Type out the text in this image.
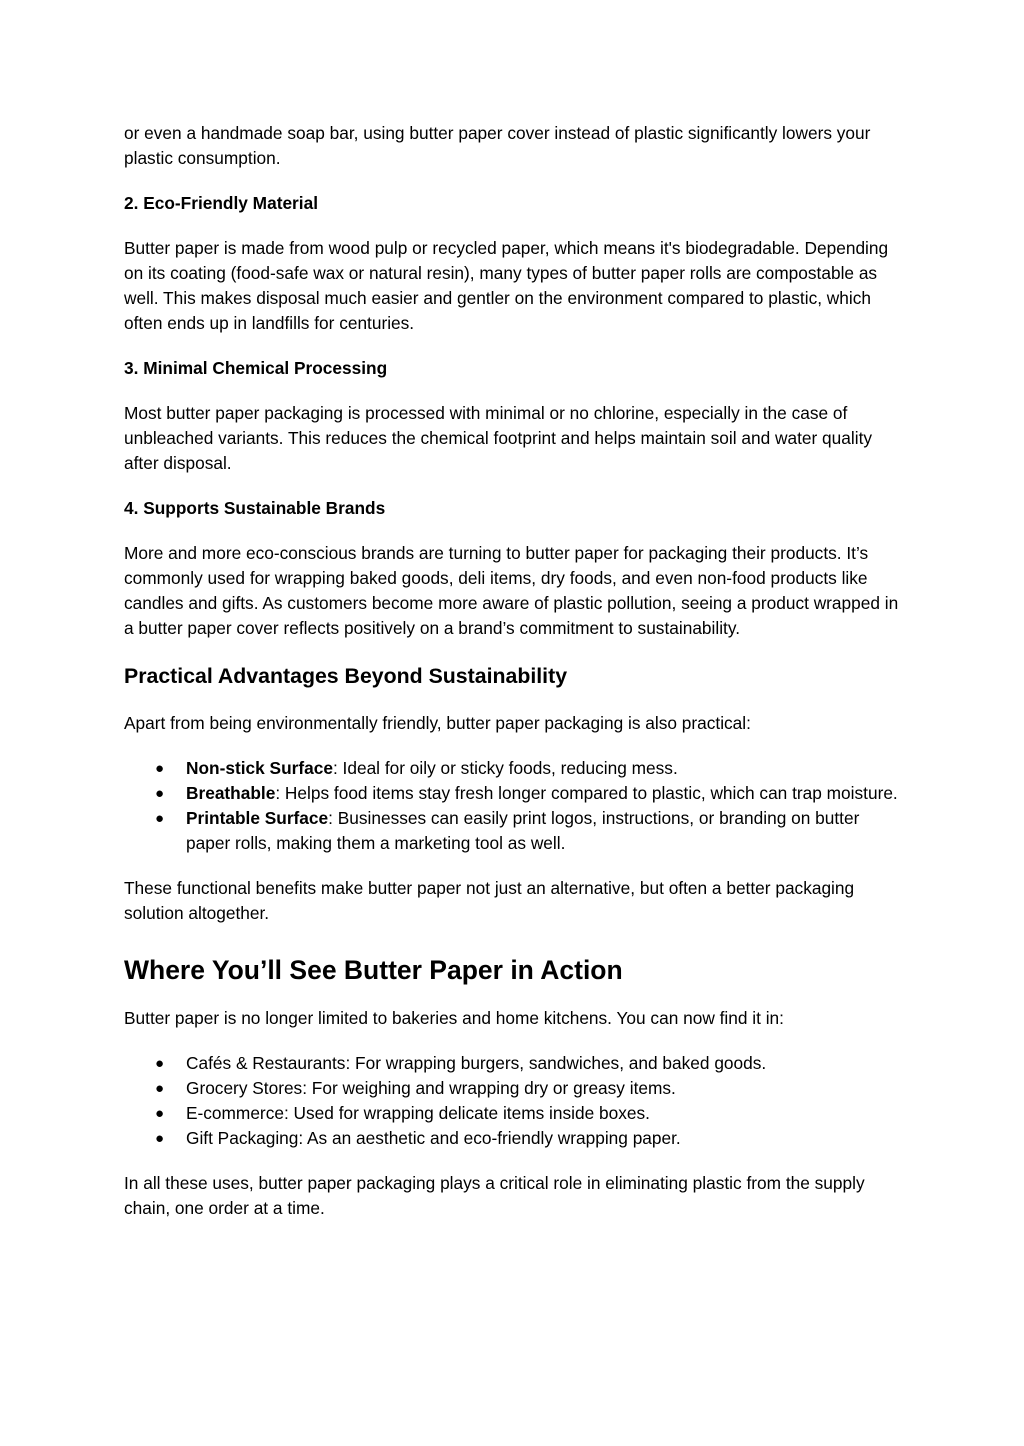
or even a handmade soap bar, using butter paper cover instead of plastic significantly lowers your plastic consumption.

2. Eco-Friendly Material

Butter paper is made from wood pulp or recycled paper, which means it's biodegradable. Depending on its coating (food-safe wax or natural resin), many types of butter paper rolls are compostable as well. This makes disposal much easier and gentler on the environment compared to plastic, which often ends up in landfills for centuries.

3. Minimal Chemical Processing

Most butter paper packaging is processed with minimal or no chlorine, especially in the case of unbleached variants. This reduces the chemical footprint and helps maintain soil and water quality after disposal.

4. Supports Sustainable Brands

More and more eco-conscious brands are turning to butter paper for packaging their products. It’s commonly used for wrapping baked goods, deli items, dry foods, and even non-food products like candles and gifts. As customers become more aware of plastic pollution, seeing a product wrapped in a butter paper cover reflects positively on a brand’s commitment to sustainability.

Practical Advantages Beyond Sustainability

Apart from being environmentally friendly, butter paper packaging is also practical:

● Non-stick Surface: Ideal for oily or sticky foods, reducing mess.
● Breathable: Helps food items stay fresh longer compared to plastic, which can trap moisture.
● Printable Surface: Businesses can easily print logos, instructions, or branding on butter paper rolls, making them a marketing tool as well.

These functional benefits make butter paper not just an alternative, but often a better packaging solution altogether.

Where You’ll See Butter Paper in Action

Butter paper is no longer limited to bakeries and home kitchens. You can now find it in:

● Cafés & Restaurants: For wrapping burgers, sandwiches, and baked goods.
● Grocery Stores: For weighing and wrapping dry or greasy items.
● E-commerce: Used for wrapping delicate items inside boxes.
● Gift Packaging: As an aesthetic and eco-friendly wrapping paper.

In all these uses, butter paper packaging plays a critical role in eliminating plastic from the supply chain, one order at a time.
